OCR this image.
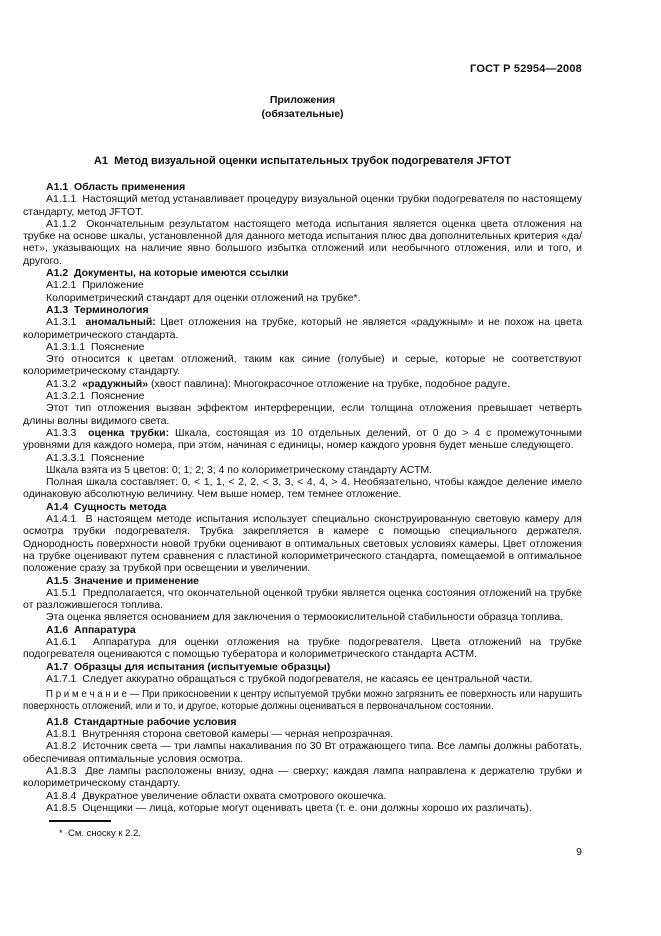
ГОСТ Р 52954—2008
Приложения
(обязательные)
А1  Метод визуальной оценки испытательных трубок подогревателя JFTOT

А1.1  Область применения

А1.1.1  Настоящий метод устанавливает процедуру визуальной оценки трубки подогревателя по настоящему стандарту, метод JFTOT.

А1.1.2  Окончательным результатом настоящего метода испытания является оценка цвета отложения на трубке на основе шкалы, установленной для данного метода испытания плюс два дополнительных критерия «да/нет», указывающих на наличие явно большого избытка отложений или необычного отложения, или и того, и другого.

А1.2  Документы, на которые имеются ссылки

А1.2.1  Приложение

Колориметрический стандарт для оценки отложений на трубке*.

А1.3  Терминология

А1.3.1  аномальный: Цвет отложения на трубке, который не является «радужным» и не похож на цвета колориметрического стандарта.

А1.3.1.1  Пояснение

Это относится к цветам отложений, таким как синие (голубые) и серые, которые не соответствуют колориметрическому стандарту.

А1.3.2  «радужный» (хвост павлина): Многокрасочное отложение на трубке, подобное радуге.

А1.3.2.1  Пояснение

Этот тип отложения вызван эффектом интерференции, если толщина отложения превышает четверть длины волны видимого света.

А1.3.3  оценка трубки: Шкала, состоящая из 10 отдельных делений, от 0 до > 4 с промежуточными уровнями для каждого номера, при этом, начиная с единицы, номер каждого уровня будет меньше следующего.

А1.3.3.1  Пояснение

Шкала взята из 5 цветов: 0; 1; 2; 3; 4 по колориметрическому стандарту АСТМ.

Полная шкала составляет: 0, < 1, 1, < 2, 2, < 3, 3, < 4, 4, > 4. Необязательно, чтобы каждое деление имело одинаковую абсолютную величину. Чем выше номер, тем темнее отложение.

А1.4  Сущность метода

А1.4.1  В настоящем методе испытания использует специально сконструированную световую камеру для осмотра трубки подогревателя. Трубка закрепляется в камере с помощью специального держателя. Однородность поверхности новой трубки оценивают в оптимальных световых условиях камеры. Цвет отложения на трубке оценивают путем сравнения с пластиной колориметрического стандарта, помещаемой в оптимальное положение сразу за трубкой при освещении и увеличении.

А1.5  Значение и применение

А1.5.1  Предполагается, что окончательной оценкой трубки является оценка состояния отложений на трубке от разложившегося топлива.

Эта оценка является основанием для заключения о термоокислительной стабильности образца топлива.

А1.6  Аппаратура

А1.6.1  Аппаратура для оценки отложения на трубке подогревателя. Цвета отложений на трубке подогревателя оцениваются с помощью тубератора и колориметрического стандарта АСТМ.

А1.7  Образцы для испытания (испытуемые образцы)

А1.7.1  Следует аккуратно обращаться с трубкой подогревателя, не касаясь ее центральной части.

П р и м е ч а н и е — При прикосновении к центру испытуемой трубки можно загрязнить ее поверхность или нарушить поверхность отложений, или и то, и другое, которые должны оцениваться в первоначальном состоянии.

А1.8  Стандартные рабочие условия

А1.8.1  Внутренняя сторона световой камеры — черная непрозрачная.

А1.8.2  Источник света — три лампы накаливания по 30 Вт отражающего типа. Все лампы должны работать, обеспечивая оптимальные условия осмотра.

А1.8.3  Две лампы расположены внизу, одна — сверху; каждая лампа направлена к держателю трубки и колориметрическому стандарту.

А1.8.4  Двукратное увеличение области охвата смотрового окошечка.

А1.8.5  Оценщики — лица, которые могут оценивать цвета (т. е. они должны хорошо их различать).

*  См. сноску к 2.2.
9
